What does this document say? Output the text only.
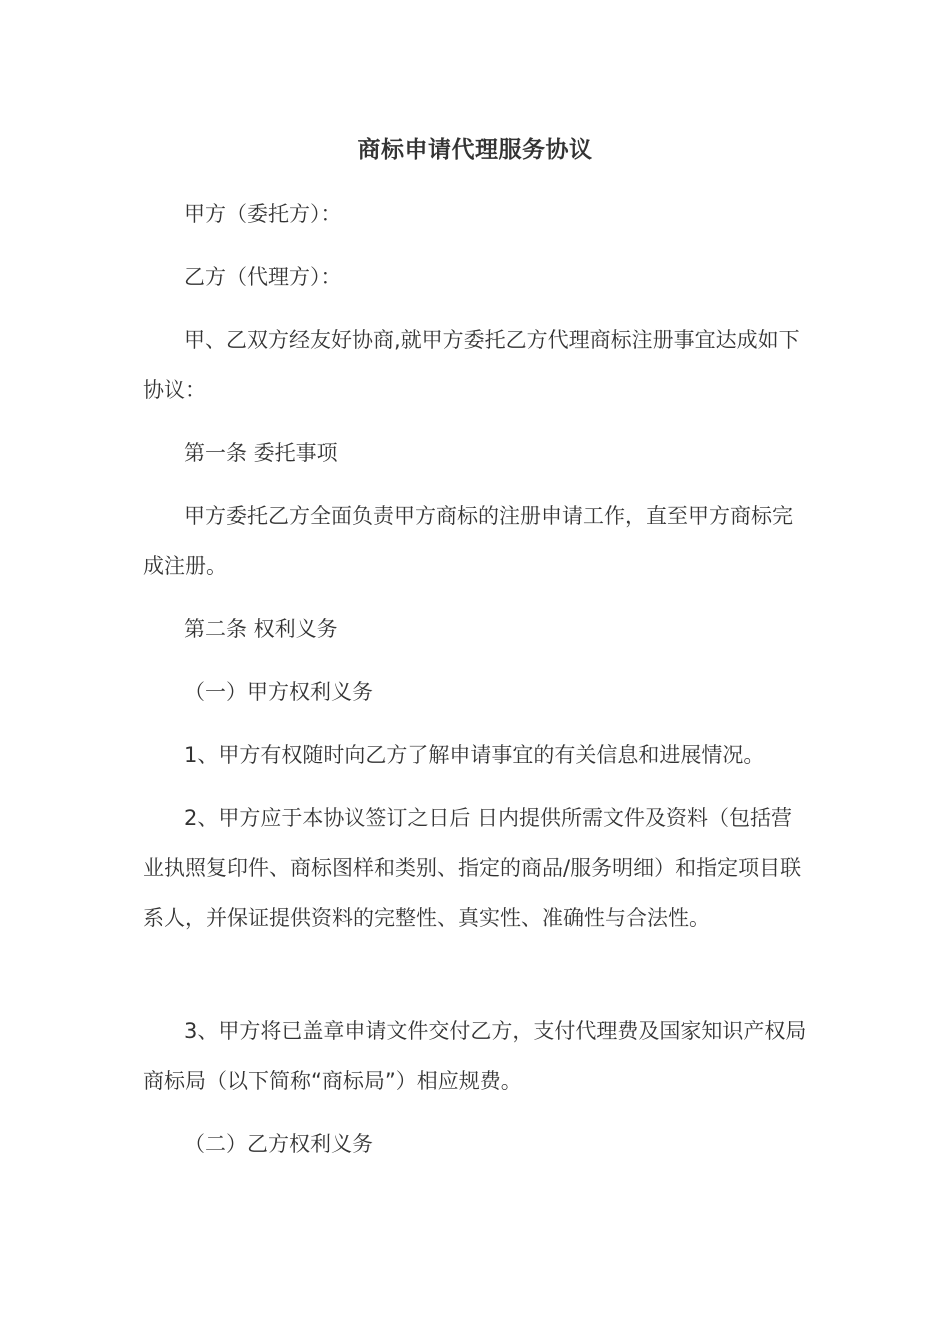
商标申请代理服务协议
甲方（委托方）：
乙方（代理方）：
甲、乙双方经友好协商,就甲方委托乙方代理商标注册事宜达成如下协议：
第一条 委托事项
甲方委托乙方全面负责甲方商标的注册申请工作，直至甲方商标完成注册。
第二条 权利义务
（一）甲方权利义务
1、甲方有权随时向乙方了解申请事宜的有关信息和进展情况。
2、甲方应于本协议签订之日后 日内提供所需文件及资料（包括营业执照复印件、商标图样和类别、指定的商品/服务明细）和指定项目联系人，并保证提供资料的完整性、真实性、准确性与合法性。
3、甲方将已盖章申请文件交付乙方，支付代理费及国家知识产权局商标局（以下简称“商标局”）相应规费。
（二）乙方权利义务
